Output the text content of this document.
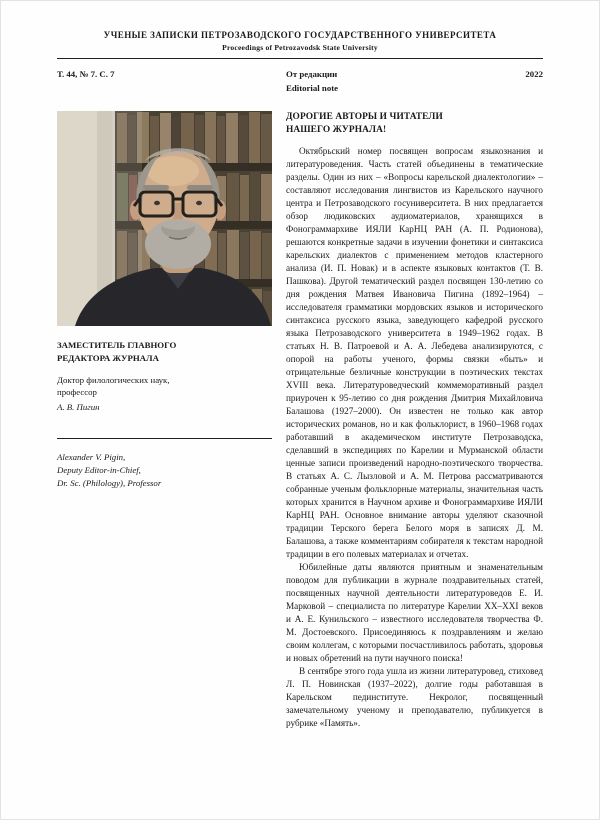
УЧЕНЫЕ ЗАПИСКИ ПЕТРОЗАВОДСКОГО ГОСУДАРСТВЕННОГО УНИВЕРСИТЕТА
Proceedings of Petrozavodsk State University
Т. 44, № 7. С. 7	От редакции
Editorial note
2022
ЗАМЕСТИТЕЛЬ ГЛАВНОГО РЕДАКТОРА ЖУРНАЛА
Доктор филологических наук,
профессор
А. В. Пигин
Alexander V. Pigin,
Deputy Editor-in-Chief,
Dr. Sc. (Philology), Professor
ДОРОГИЕ АВТОРЫ И ЧИТАТЕЛИ
НАШЕГО ЖУРНАЛА!

Октябрьский номер посвящен вопросам языкознания и литературоведения. Часть статей объединены в тематические разделы. Один из них – «Вопросы карельской диалектологии» – составляют исследования лингвистов из Карельского научного центра и Петрозаводского госуниверситета. В них предлагается обзор людиковских аудиоматериалов, хранящихся в Фонограммархиве ИЯЛИ КарНЦ РАН (А. П. Родионова), решаются конкретные задачи в изучении фонетики и синтаксиса карельских диалектов с применением методов кластерного анализа (И. П. Новак) и в аспекте языковых контактов (Т. В. Пашкова). Другой тематический раздел посвящен 130-летию со дня рождения Матвея Ивановича Пигина (1892–1964) – исследователя грамматики мордовских языков и исторического синтаксиса русского языка, заведующего кафедрой русского языка Петрозаводского университета в 1949–1962 годах. В статьях Н. В. Патроевой и А. А. Лебедева анализируются, с опорой на работы ученого, формы связки «быть» и отрицательные безличные конструкции в поэтических текстах XVIII века. Литературоведческий коммеморативный раздел приурочен к 95-летию со дня рождения Дмитрия Михайловича Балашова (1927–2000). Он известен не только как автор исторических романов, но и как фольклорист, в 1960–1968 годах работавший в академическом институте Петрозаводска, сделавший в экспедициях по Карелии и Мурманской области ценные записи произведений народно-поэтического творчества. В статьях А. С. Лызловой и А. М. Петрова рассматриваются собранные ученым фольклорные материалы, значительная часть которых хранится в Научном архиве и Фонограммархиве ИЯЛИ КарНЦ РАН. Основное внимание авторы уделяют сказочной традиции Терского берега Белого моря в записях Д. М. Балашова, а также комментариям собирателя к текстам народной традиции в его полевых материалах и отчетах.

Юбилейные даты являются приятным и знаменательным поводом для публикации в журнале поздравительных статей, посвященных научной деятельности литературоведов Е. И. Марковой – специалиста по литературе Карелии XX–XXI веков и А. Е. Кунильского – известного исследователя творчества Ф. М. Достоевского. Присоединяюсь к поздравлениям и желаю своим коллегам, с которыми посчастливилось работать, здоровья и новых обретений на пути научного поиска!

В сентябре этого года ушла из жизни литературовед, стиховед Л. П. Новинская (1937–2022), долгие годы работавшая в Карельском пединституте. Некролог, посвященный замечательному ученому и преподавателю, публикуется в рубрике «Память».
